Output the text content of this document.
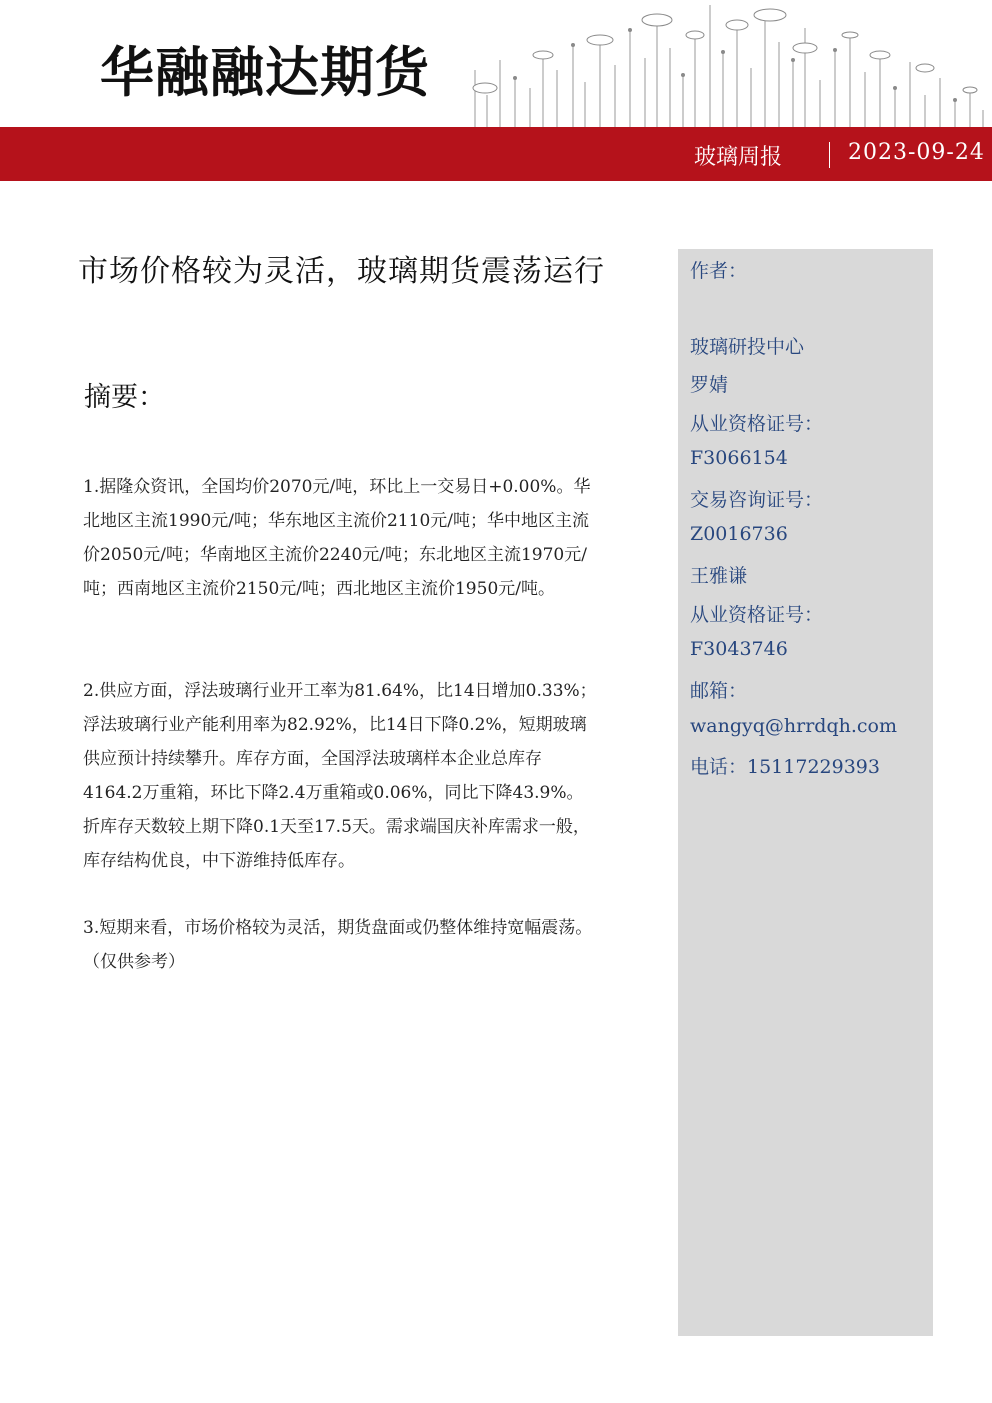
华融融达期货
玻璃周报	2023-09-24
市场价格较为灵活，玻璃期货震荡运行
摘要：

1.据隆众资讯，全国均价2070元/吨，环比上一交易日+0.00%。华北地区主流1990元/吨；华东地区主流价2110元/吨；华中地区主流价2050元/吨；华南地区主流价2240元/吨；东北地区主流1970元/吨；西南地区主流价2150元/吨；西北地区主流价1950元/吨。

2.供应方面，浮法玻璃行业开工率为81.64%，比14日增加0.33%；浮法玻璃行业产能利用率为82.92%，比14日下降0.2%，短期玻璃供应预计持续攀升。库存方面，全国浮法玻璃样本企业总库存4164.2万重箱，环比下降2.4万重箱或0.06%，同比下降43.9%。折库存天数较上期下降0.1天至17.5天。需求端国庆补库需求一般，库存结构优良，中下游维持低库存。

3.短期来看，市场价格较为灵活，期货盘面或仍整体维持宽幅震荡。（仅供参考）

作者：
玻璃研投中心
罗婧
从业资格证号：
F3066154
交易咨询证号：
Z0016736
王雅谦
从业资格证号：
F3043746
邮箱：
wangyq@hrrdqh.com
电话：15117229393
